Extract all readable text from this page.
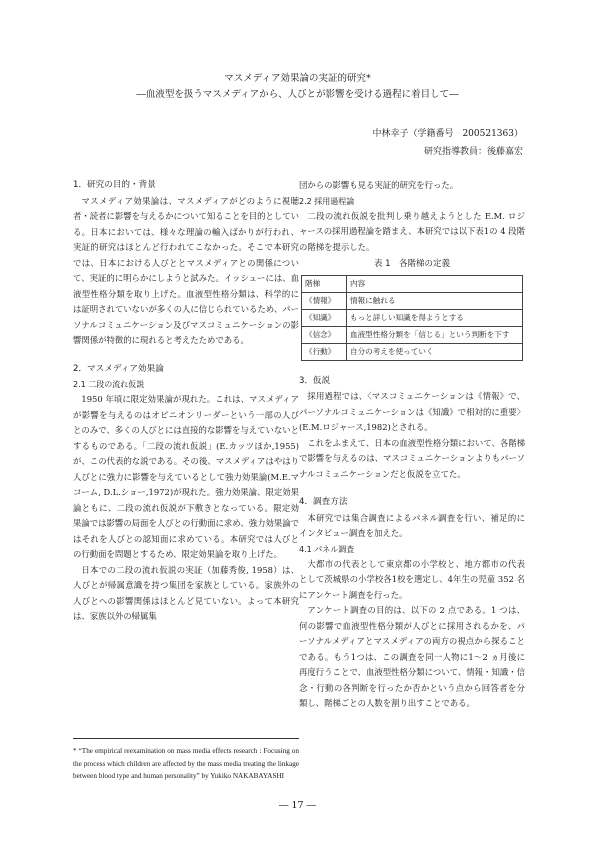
マスメディア効果論の実証的研究*
―血液型を扱うマスメディアから、人びとが影響を受ける過程に着目して―
中林幸子（学籍番号　200521363）
研究指導教員：後藤嘉宏
1．研究の目的・背景

マスメディア効果論は、マスメディアがどのように視聴者・読者に影響を与えるかについて知ることを目的としている。日本においては、様々な理論の輸入ばかりが行われ、実証的研究はほとんど行われてこなかった。そこで本研究では、日本における人びととマスメディアとの関係について、実証的に明らかにしようと試みた。イッシューには、血液型性格分類を取り上げた。血液型性格分類は、科学的には証明されていないが多くの人に信じられているため、パーソナルコミュニケーション及びマスコミュニケーションの影響関係が特徴的に現れると考えたためである。

2．マスメディア効果論
2.1 二段の流れ仮説

1950 年頃に限定効果論が現れた。これは、マスメディアが影響を与えるのはオピニオンリーダーという一部の人びとのみで、多くの人びとには直接的な影響を与えていないとするものである。「二段の流れ仮説」(E.カッツほか,1955)が、この代表的な説である。その後、マスメディアはやはり人びとに強力に影響を与えているとして強力効果論(M.E.マコーム, D.L.ショー,1972)が現れた。強力効果論、限定効果論ともに、二段の流れ仮説が下敷きとなっている。限定効果論では影響の局面を人びとの行動面に求め、強力効果論ではそれを人びとの認知面に求めている。本研究では人びとの行動面を問題とするため、限定効果論を取り上げた。

日本での二段の流れ仮説の実証（加藤秀俊, 1958）は、人びとが帰属意識を持つ集団を家族としている。家族外の人びとへの影響関係はほとんど見ていない。よって本研究は、家族以外の帰属集

* “The empirical reexamination on mass media effects research : Focusing on the process which children are affected by the mass media treating the linkage between blood type and human personality” by Yukiko NAKABAYASHI

団からの影響も見る実証的研究を行った。

2.2 採用過程論

二段の流れ仮説を批判し乗り越えようとした E.M. ロジャースの採用過程論を踏まえ、本研究では以下表1の 4 段階の階梯を提示した。

表 1　各階梯の定義
階梯	内容
《情報》	情報に触れる
《知識》	もっと詳しい知識を得ようとする
《信念》	血液型性格分類を「信じる」という判断を下す
《行動》	自分の考えを使っていく
3．仮説

採用過程では、〈マスコミュニケーションは《情報》で、パーソナルコミュニケーションは《知識》で相対的に重要〉(E.M.ロジャース,1982)とされる。

これをふまえて、日本の血液型性格分類において、各階梯で影響を与えるのは、マスコミュニケーションよりもパーソナルコミュニケーションだと仮説を立てた。

4．調査方法

本研究では集合調査によるパネル調査を行い、補足的にインタビュー調査を加えた。

4.1 パネル調査

大都市の代表として東京都の小学校と、地方都市の代表として茨城県の小学校各1校を選定し、4年生の児童 352 名にアンケート調査を行った。

アンケート調査の目的は、以下の 2 点である。1 つは、何の影響で血液型性格分類が人びとに採用されるかを、パーソナルメディアとマスメディアの両方の視点から探ることである。もう1つは、この調査を同一人物に1〜2 ヵ月後に再度行うことで、血液型性格分類について、情報・知識・信念・行動の各判断を行ったか否かという点から回答者を分類し、階梯ごとの人数を割り出すことである。

― 17 ―
